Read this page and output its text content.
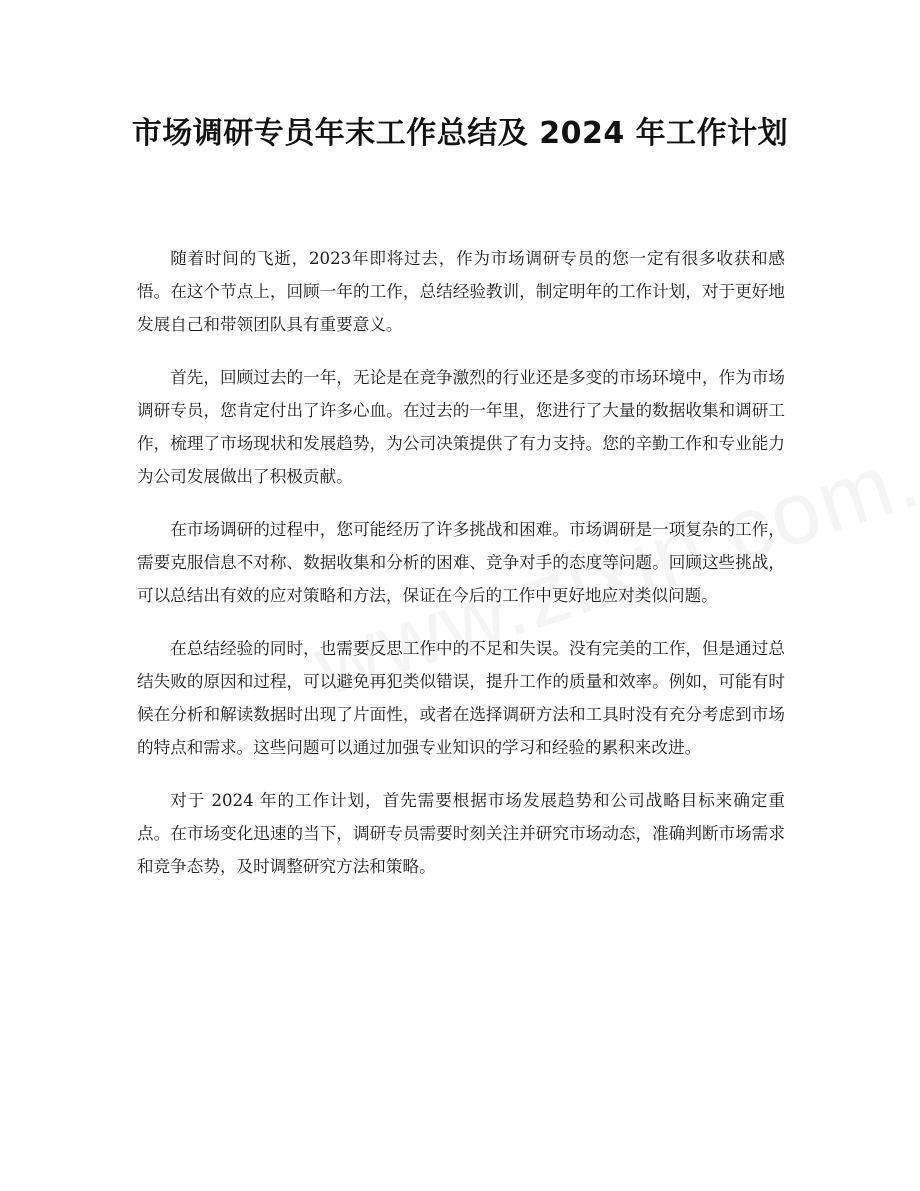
市场调研专员年末工作总结及 2024 年工作计划

随着时间的飞逝，2023年即将过去，作为市场调研专员的您一定有很多收获和感悟。在这个节点上，回顾一年的工作，总结经验教训，制定明年的工作计划，对于更好地发展自己和带领团队具有重要意义。

首先，回顾过去的一年，无论是在竞争激烈的行业还是多变的市场环境中，作为市场调研专员，您肯定付出了许多心血。在过去的一年里，您进行了大量的数据收集和调研工作，梳理了市场现状和发展趋势，为公司决策提供了有力支持。您的辛勤工作和专业能力为公司发展做出了积极贡献。

在市场调研的过程中，您可能经历了许多挑战和困难。市场调研是一项复杂的工作，需要克服信息不对称、数据收集和分析的困难、竞争对手的态度等问题。回顾这些挑战，可以总结出有效的应对策略和方法，保证在今后的工作中更好地应对类似问题。

在总结经验的同时，也需要反思工作中的不足和失误。没有完美的工作，但是通过总结失败的原因和过程，可以避免再犯类似错误，提升工作的质量和效率。例如，可能有时候在分析和解读数据时出现了片面性，或者在选择调研方法和工具时没有充分考虑到市场的特点和需求。这些问题可以通过加强专业知识的学习和经验的累积来改进。

对于 2024 年的工作计划，首先需要根据市场发展趋势和公司战略目标来确定重点。在市场变化迅速的当下，调研专员需要时刻关注并研究市场动态，准确判断市场需求和竞争态势，及时调整研究方法和策略。
